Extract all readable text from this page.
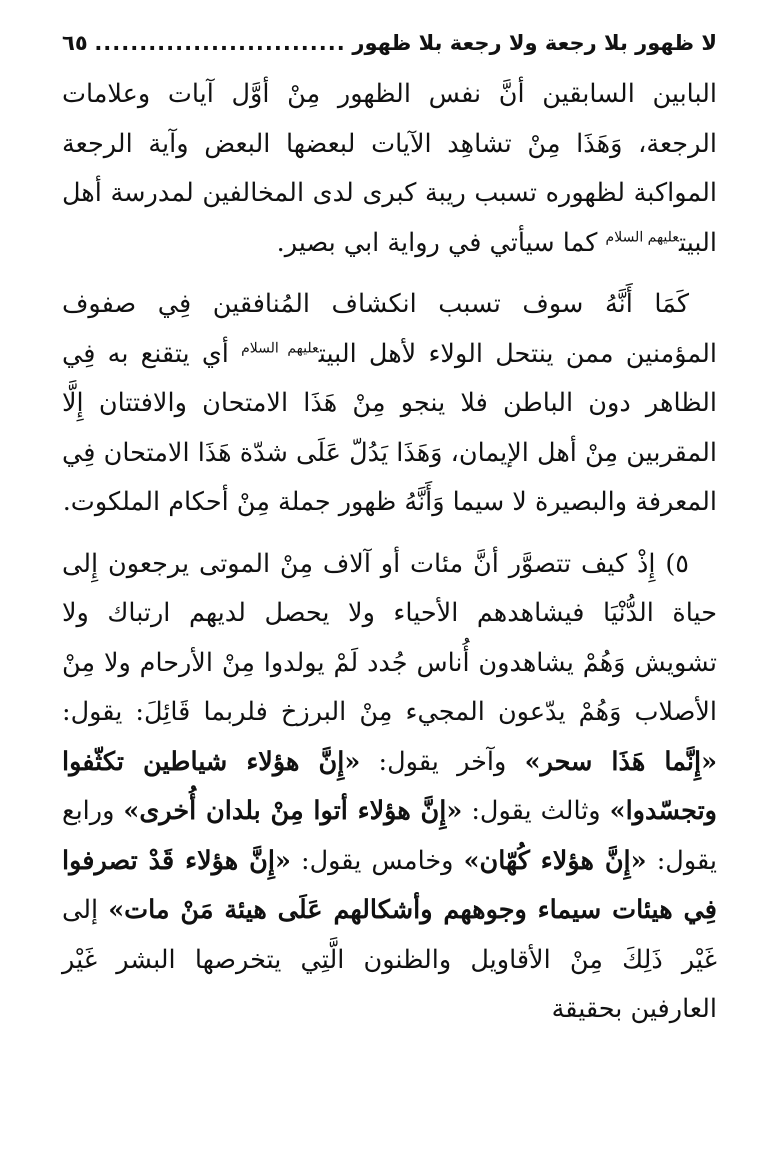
لا ظهور بلا رجعة ولا رجعة بلا ظهور
............................
٦٥

البابين السابقين أنَّ نفس الظهور مِنْ أوَّل آيات وعلامات الرجعة، وَهَذَا مِنْ تشاهِد الآيات لبعضها البعض وآية الرجعة المواكبة لظهوره تسبب ريبة كبرى لدى المخالفين لمدرسة أهل البيت$^{عليهم السلام}$ كما سيأتي في رواية ابي بصير.

كَمَا أَنَّهُ سوف تسبب انكشاف المُنافقين فِي صفوف المؤمنين ممن ينتحل الولاء لأهل البيت$^{عليهم السلام}$ أي يتقنع به فِي الظاهر دون الباطن فلا ينجو مِنْ هَذَا الامتحان والافتتان إِلَّا المقربين مِنْ أهل الإيمان، وَهَذَا يَدُلّ عَلَى شدّة هَذَا الامتحان فِي المعرفة والبصيرة لا سيما وَأَنَّهُ ظهور جملة مِنْ أحكام الملكوت.

٥) إِذْ كيف تتصوَّر أنَّ مئات أو آلاف مِنْ الموتى يرجعون إِلى حياة الدُّنْيَا فيشاهدهم الأحياء ولا يحصل لديهم ارتباك ولا تشويش وَهُمْ يشاهدون أُناس جُدد لَمْ يولدوا مِنْ الأرحام ولا مِنْ الأصلاب وَهُمْ يدّعون المجيء مِنْ البرزخ فلربما قَائِلَ: يقول: «إِنَّما هَذَا سحر» وآخر يقول: «إِنَّ هؤلاء شياطين تكثّفوا وتجسّدوا» وثالث يقول: «إِنَّ هؤلاء أتوا مِنْ بلدان أُخرى» ورابع يقول: «إِنَّ هؤلاء كُهّان» وخامس يقول: «إِنَّ هؤلاء قَدْ تصرفوا فِي هيئات سيماء وجوههم وأشكالهم عَلَى هيئة مَنْ مات» إلى غَيْر ذَلِكَ مِنْ الأقاويل والظنون الَّتِي يتخرصها البشر غَيْر العارفين بحقيقة
